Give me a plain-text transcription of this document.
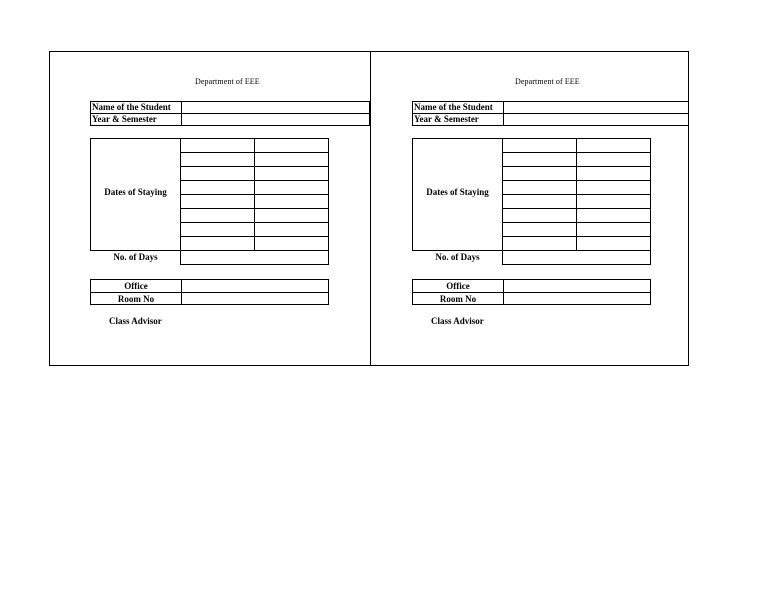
Department of EEE
Name of the Student
Year & Semester
Dates of Staying
No. of Days
Office
Room No
Class Advisor
Department of EEE
Name of the Student
Year & Semester
Dates of Staying
No. of Days
Office
Room No
Class Advisor
